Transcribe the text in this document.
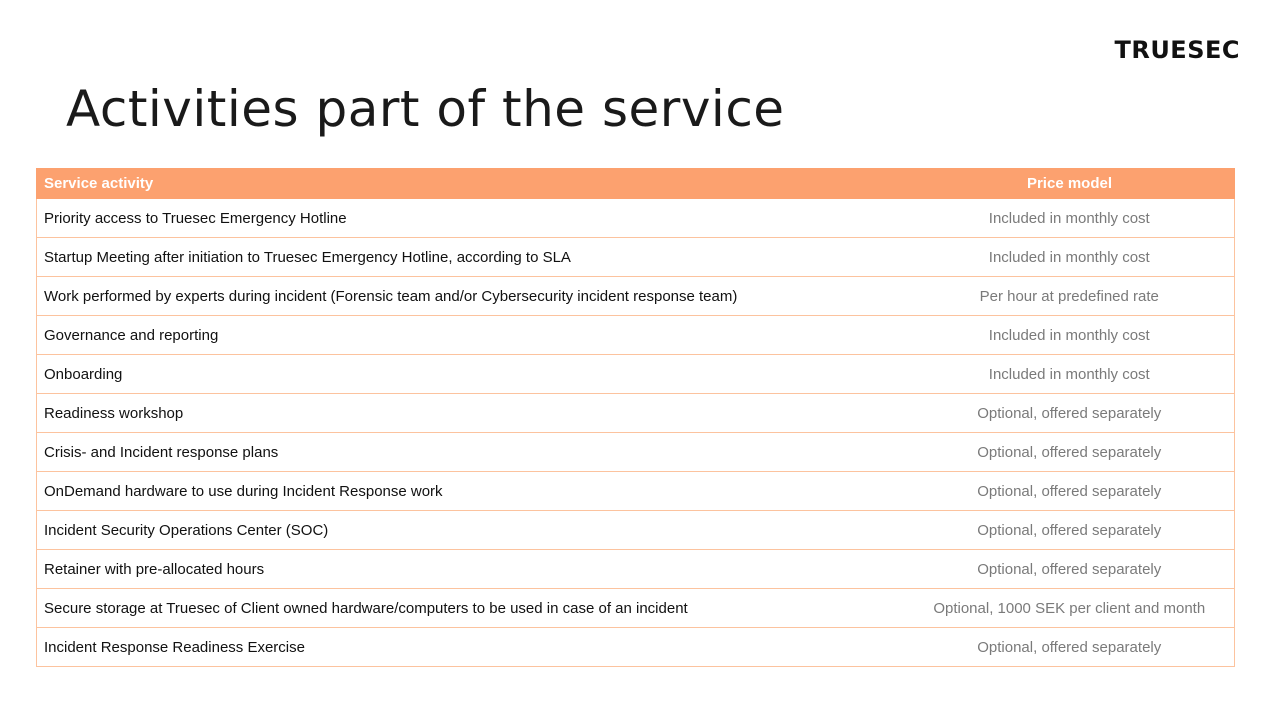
TRUESEC
Activities part of the service
Service activity	Price model
Priority access to Truesec Emergency Hotline	Included in monthly cost
Startup Meeting after initiation to Truesec Emergency Hotline, according to SLA	Included in monthly cost
Work performed by experts during incident (Forensic team and/or Cybersecurity incident response team)	Per hour at predefined rate
Governance and reporting	Included in monthly cost
Onboarding	Included in monthly cost
Readiness workshop	Optional, offered separately
Crisis- and Incident response plans	Optional, offered separately
OnDemand hardware to use during Incident Response work	Optional, offered separately
Incident Security Operations Center (SOC)	Optional, offered separately
Retainer with pre-allocated hours	Optional, offered separately
Secure storage at Truesec of Client owned hardware/computers to be used in case of an incident	Optional, 1000 SEK per client and month
Incident Response Readiness Exercise	Optional, offered separately
